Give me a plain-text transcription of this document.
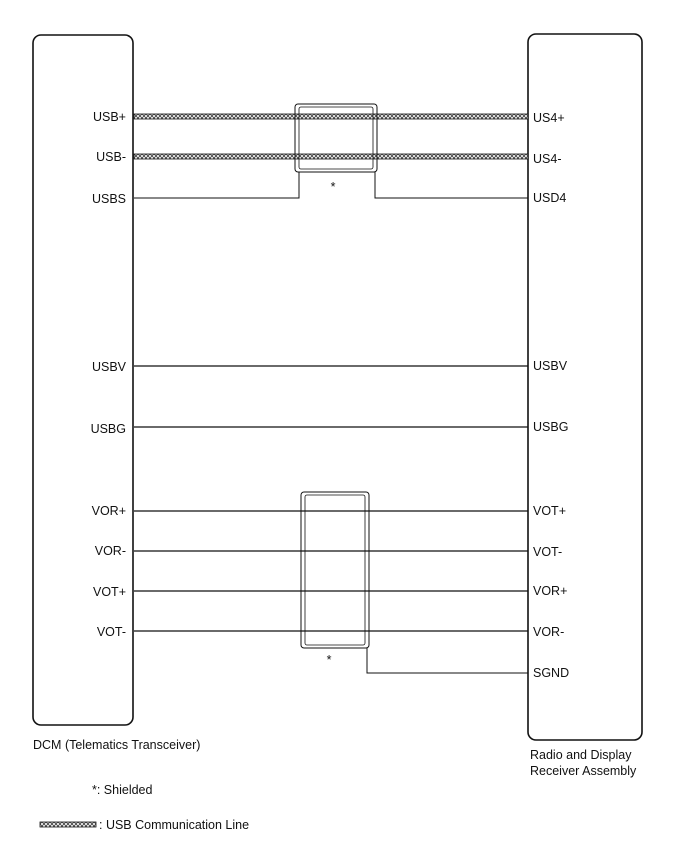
*
*
USB+
USB-
USBS
USBV
USBG
VOR+
VOR-
VOT+
VOT-
US4+
US4-
USD4
USBV
USBG
VOT+
VOT-
VOR+
VOR-
SGND
DCM (Telematics Transceiver)
Radio and Display
Receiver Assembly
*: Shielded
: USB Communication Line
